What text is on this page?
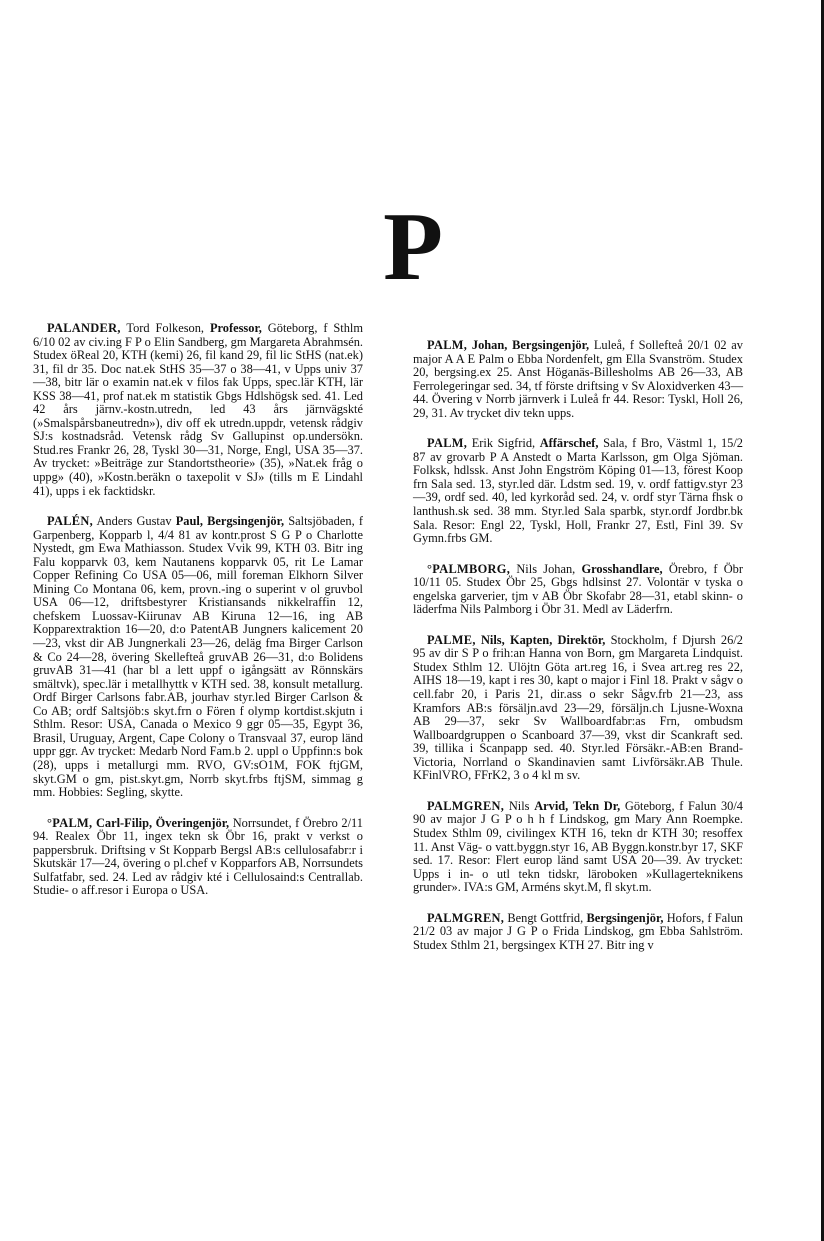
P

PALANDER, Tord Folkeson, Professor, Göteborg, f Sthlm 6/10 02 av civ.ing F P o Elin Sandberg, gm Margareta Abrahmsén. Studex öReal 20, KTH (kemi) 26, fil kand 29, fil lic StHS (nat.ek) 31, fil dr 35. Doc nat.ek StHS 35—37 o 38—41, v Upps univ 37—38, bitr lär o examin nat.ek v filos fak Upps, spec.lär KTH, lär KSS 38—41, prof nat.ek m statistik Gbgs Hdlshögsk sed. 41. Led 42 års järnv.-kostn.utredn, led 43 års järnvägskté (»Smalspårsbaneutredn»), div off ek utredn.uppdr, vetensk rådgiv SJ:s kostnadsråd. Vetensk rådg Sv Gallupinst op.undersökn. Stud.res Frankr 26, 28, Tyskl 30—31, Norge, Engl, USA 35—37. Av trycket: »Beiträge zur Standortstheorie» (35), »Nat.ek fråg o uppg» (40), »Kostn.beräkn o taxepolit v SJ» (tills m E Lindahl 41), upps i ek facktidskr.

PALÉN, Anders Gustav Paul, Bergsingenjör, Saltsjöbaden, f Garpenberg, Kopparb l, 4/4 81 av kontr.prost S G P o Charlotte Nystedt, gm Ewa Mathiasson. Studex Vvik 99, KTH 03. Bitr ing Falu kopparvk 03, kem Nautanens kopparvk 05, rit Le Lamar Copper Refining Co USA 05—06, mill foreman Elkhorn Silver Mining Co Montana 06, kem, provn.-ing o superint v ol gruvbol USA 06—12, driftsbestyrer Kristiansands nikkelraffin 12, chefskem Luossav-Kiirunav AB Kiruna 12—16, ing AB Kopparextraktion 16—20, d:o PatentAB Jungners kalicement 20—23, vkst dir AB Jungnerkali 23—26, deläg fma Birger Carlson & Co 24—28, övering Skellefteå gruvAB 26—31, d:o Bolidens gruvAB 31—41 (har bl a lett uppf o igångsätt av Rönnskärs smältvk), spec.lär i metallhyttk v KTH sed. 38, konsult metallurg. Ordf Birger Carlsons fabr.AB, jourhav styr.led Birger Carlson & Co AB; ordf Saltsjöb:s skyt.frn o Fören f olymp kortdist.skjutn i Sthlm. Resor: USA, Canada o Mexico 9 ggr 05—35, Egypt 36, Brasil, Uruguay, Argent, Cape Colony o Transvaal 37, europ länd uppr ggr. Av trycket: Medarb Nord Fam.b 2. uppl o Uppfinn:s bok (28), upps i metallurgi mm. RVO, GV:sO1M, FOK ftjGM, skyt.GM o gm, pist.skyt.gm, Norrb skyt.frbs ftjSM, simmag g mm. Hobbies: Segling, skytte.

°PALM, Carl-Filip, Överingenjör, Norrsundet, f Örebro 2/11 94. Realex Öbr 11, ingex tekn sk Öbr 16, prakt v verkst o pappersbruk. Driftsing v St Kopparb Bergsl AB:s cellulosafabr:r i Skutskär 17—24, övering o pl.chef v Kopparfors AB, Norrsundets Sulfatfabr, sed. 24. Led av rådgiv kté i Cellulosaind:s Centrallab. Studie- o aff.resor i Europa o USA.

PALM, Johan, Bergsingenjör, Luleå, f Sollefteå 20/1 02 av major A A E Palm o Ebba Nordenfelt, gm Ella Svanström. Studex 20, bergsing.ex 25. Anst Höganäs-Billesholms AB 26—33, AB Ferrolegeringar sed. 34, tf förste driftsing v Sv Aloxidverken 43—44. Övering v Norrb järnverk i Luleå fr 44. Resor: Tyskl, Holl 26, 29, 31. Av trycket div tekn upps.

PALM, Erik Sigfrid, Affärschef, Sala, f Bro, Västml 1, 15/2 87 av grovarb P A Anstedt o Marta Karlsson, gm Olga Sjöman. Folksk, hdlssk. Anst John Engström Köping 01—13, förest Koop frn Sala sed. 13, styr.led där. Ldstm sed. 19, v. ordf fattigv.styr 23—39, ordf sed. 40, led kyrkoråd sed. 24, v. ordf styr Tärna fhsk o lanthush.sk sed. 38 mm. Styr.led Sala sparbk, styr.ordf Jordbr.bk Sala. Resor: Engl 22, Tyskl, Holl, Frankr 27, Estl, Finl 39. Sv Gymn.frbs GM.

°PALMBORG, Nils Johan, Grosshandlare, Örebro, f Öbr 10/11 05. Studex Öbr 25, Gbgs hdlsinst 27. Volontär v tyska o engelska garverier, tjm v AB Öbr Skofabr 28—31, etabl skinn- o läderfma Nils Palmborg i Öbr 31. Medl av Läderfrn.

PALME, Nils, Kapten, Direktör, Stockholm, f Djursh 26/2 95 av dir S P o frih:an Hanna von Born, gm Margareta Lindquist. Studex Sthlm 12. Ulöjtn Göta art.reg 16, i Svea art.reg res 22, AIHS 18—19, kapt i res 30, kapt o major i Finl 18. Prakt v sågv o cell.fabr 20, i Paris 21, dir.ass o sekr Sågv.frb 21—23, ass Kramfors AB:s försäljn.avd 23—29, försäljn.ch Ljusne-Woxna AB 29—37, sekr Sv Wallboardfabr:as Frn, ombudsm Wallboardgruppen o Scanboard 37—39, vkst dir Scankraft sed. 39, tillika i Scanpapp sed. 40. Styr.led Försäkr.-AB:en Brand-Victoria, Norrland o Skandinavien samt Livförsäkr.AB Thule. KFinlVRO, FFrK2, 3 o 4 kl m sv.

PALMGREN, Nils Arvid, Tekn Dr, Göteborg, f Falun 30/4 90 av major J G P o h h f Lindskog, gm Mary Ann Roempke. Studex Sthlm 09, civilingex KTH 16, tekn dr KTH 30; resoffex 11. Anst Väg- o vatt.byggn.styr 16, AB Byggn.konstr.byr 17, SKF sed. 17. Resor: Flert europ länd samt USA 20—39. Av trycket: Upps i in- o utl tekn tidskr, läroboken »Kullagerteknikens grunder». IVA:s GM, Arméns skyt.M, fl skyt.m.

PALMGREN, Bengt Gottfrid, Bergsingenjör, Hofors, f Falun 21/2 03 av major J G P o Frida Lindskog, gm Ebba Sahlström. Studex Sthlm 21, bergsingex KTH 27. Bitr ing v
